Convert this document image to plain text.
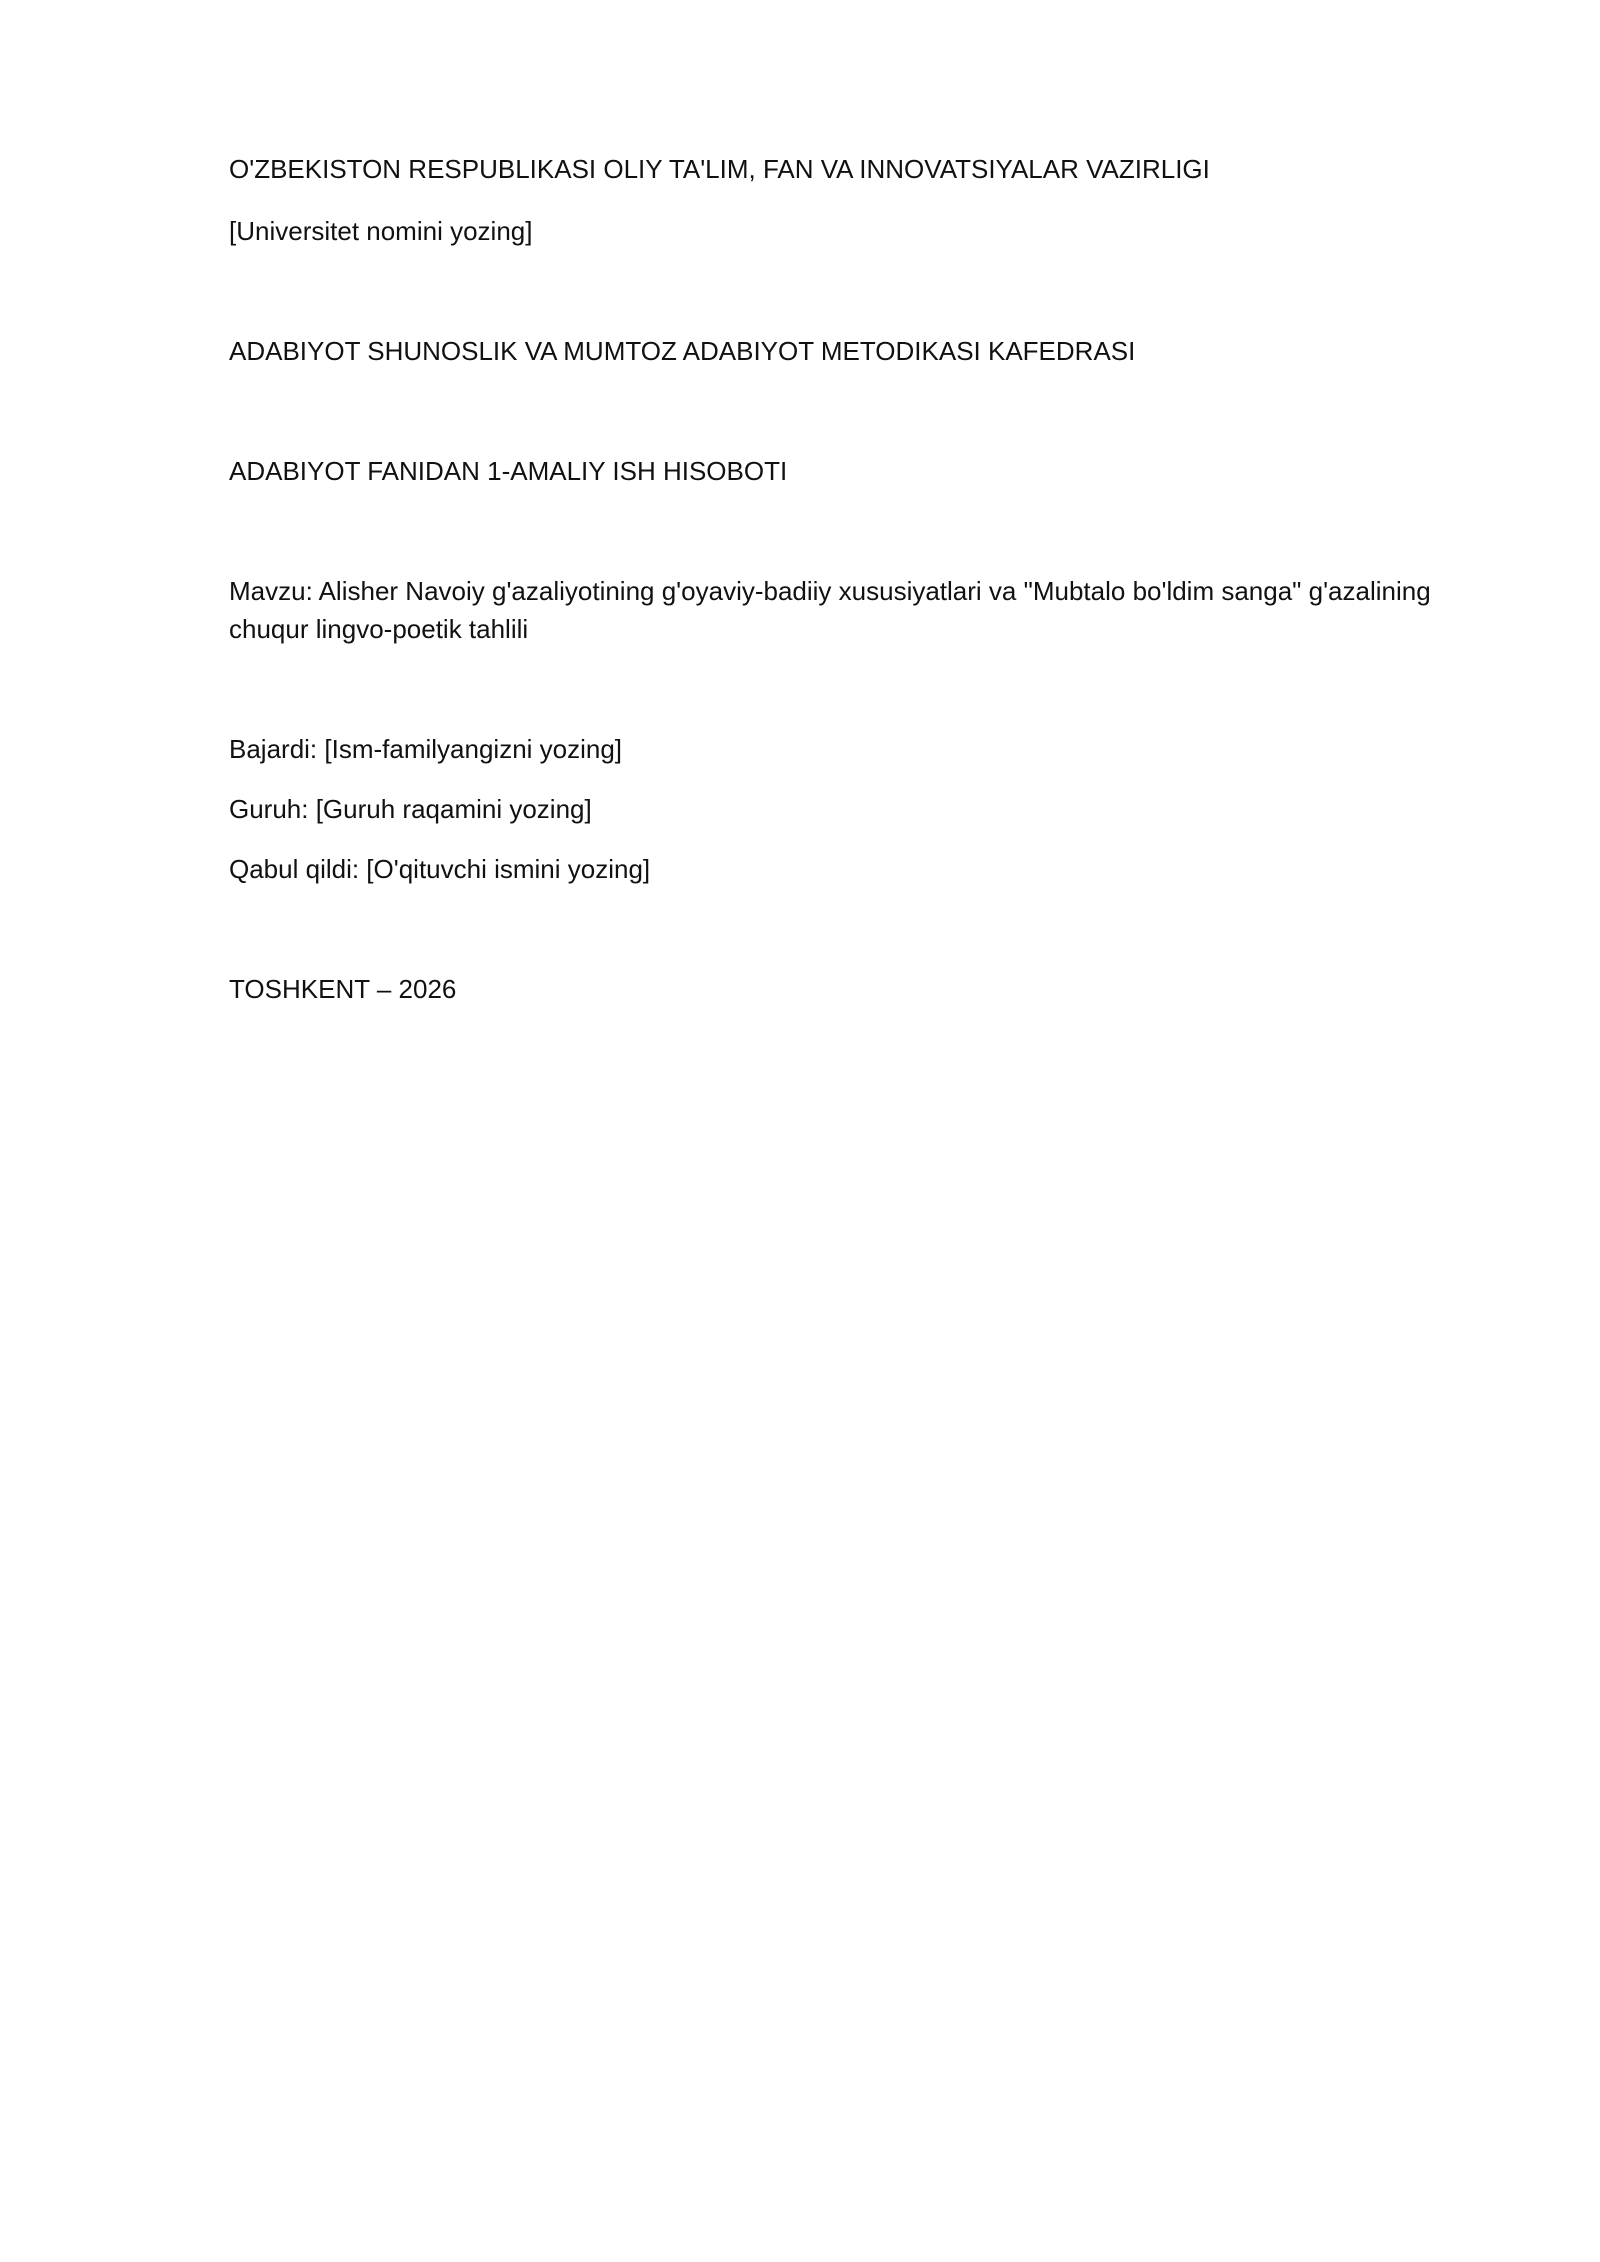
O'ZBEKISTON RESPUBLIKASI OLIY TA'LIM, FAN VA INNOVATSIYALAR VAZIRLIGI
[Universitet nomini yozing]
ADABIYOT SHUNOSLIK VA MUMTOZ ADABIYOT METODIKASI KAFEDRASI
ADABIYOT FANIDAN 1-AMALIY ISH HISOBOTI
Mavzu: Alisher Navoiy g'azaliyotining g'oyaviy-badiiy xususiyatlari va "Mubtalo bo'ldim sanga" g'azalining
chuqur lingvo-poetik tahlili
Bajardi: [Ism-familyangizni yozing]
Guruh: [Guruh raqamini yozing]
Qabul qildi: [O'qituvchi ismini yozing]
TOSHKENT – 2026
